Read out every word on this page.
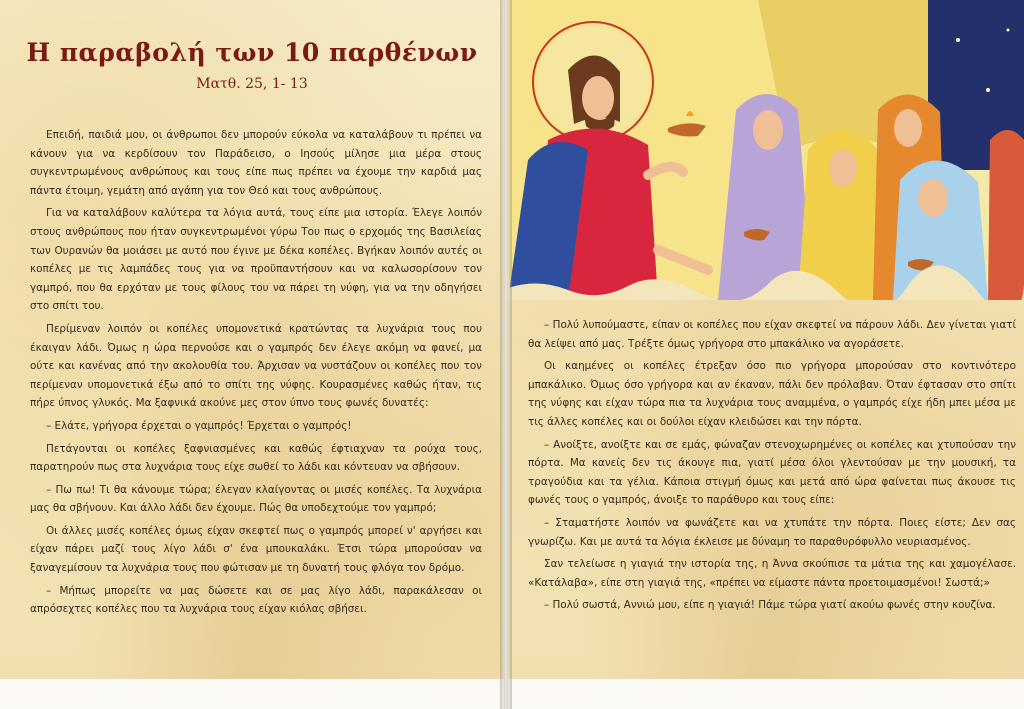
Η παραβολή των 10 παρθένων
Ματθ. 25, 1- 13

Επειδή, παιδιά μου, οι άνθρωποι δεν μπορούν εύκολα να καταλάβουν τι πρέπει να κάνουν για να κερδίσουν τον Παράδεισο, ο Ιησούς μίλησε μια μέρα στους συγκεντρωμένους ανθρώπους και τους είπε πως πρέπει να έχουμε την καρδιά μας πάντα έτοιμη, γεμάτη από αγάπη για τον Θεό και τους ανθρώπους.

Για να καταλάβουν καλύτερα τα λόγια αυτά, τους είπε μια ιστορία. Έλεγε λοιπόν στους ανθρώπους που ήταν συγκεντρωμένοι γύρω Του πως ο ερχομός της Βασιλείας των Ουρανών θα μοιάσει με αυτό που έγινε με δέκα κοπέλες. Βγήκαν λοιπόν αυτές οι κοπέλες με τις λαμπάδες τους για να προϋπαντήσουν και να καλωσορίσουν τον γαμπρό, που θα ερχόταν με τους φίλους του να πάρει τη νύφη, για να την οδηγήσει στο σπίτι του.

Περίμεναν λοιπόν οι κοπέλες υπομονετικά κρατώντας τα λυχνάρια τους που έκαιγαν λάδι. Όμως η ώρα περνούσε και ο γαμπρός δεν έλεγε ακόμη να φανεί, μα ούτε και κανένας από την ακολουθία του. Άρχισαν να νυστάζουν οι κοπέλες που τον περίμεναν υπομονετικά έξω από το σπίτι της νύφης. Κουρασμένες καθώς ήταν, τις πήρε ύπνος γλυκός. Μα ξαφνικά ακούνε μες στον ύπνο τους φωνές δυνατές:

– Ελάτε, γρήγορα έρχεται ο γαμπρός! Έρχεται ο γαμπρός!

Πετάγονται οι κοπέλες ξαφνιασμένες και καθώς έφτιαχναν τα ρούχα τους, παρατηρούν πως στα λυχνάρια τους είχε σωθεί το λάδι και κόντευαν να σβήσουν.

– Πω πω! Τι θα κάνουμε τώρα; έλεγαν κλαίγοντας οι μισές κοπέλες. Τα λυχνάρια μας θα σβήνουν. Και άλλο λάδι δεν έχουμε. Πώς θα υποδεχτούμε τον γαμπρό;

Οι άλλες μισές κοπέλες όμως είχαν σκεφτεί πως ο γαμπρός μπορεί ν' αργήσει και είχαν πάρει μαζί τους λίγο λάδι σ' ένα μπουκαλάκι. Έτσι τώρα μπορούσαν να ξαναγεμίσουν τα λυχνάρια τους που φώτισαν με τη δυνατή τους φλόγα τον δρόμο.

– Μήπως μπορείτε να μας δώσετε και σε μας λίγο λάδι, παρακάλεσαν οι απρόσεχτες κοπέλες που τα λυχνάρια τους είχαν κιόλας σβήσει.

– Πολύ λυπούμαστε, είπαν οι κοπέλες που είχαν σκεφτεί να πάρουν λάδι. Δεν γίνεται γιατί θα λείψει από μας. Τρέξτε όμως γρήγορα στο μπακάλικο να αγοράσετε.

Οι καημένες οι κοπέλες έτρεξαν όσο πιο γρήγορα μπορούσαν στο κοντινότερο μπακάλικο. Όμως όσο γρήγορα και αν έκαναν, πάλι δεν πρόλαβαν. Όταν έφτασαν στο σπίτι της νύφης και είχαν τώρα πια τα λυχνάρια τους αναμμένα, ο γαμπρός είχε ήδη μπει μέσα με τις άλλες κοπέλες και οι δούλοι είχαν κλειδώσει και την πόρτα.

– Ανοίξτε, ανοίξτε και σε εμάς, φώναζαν στενοχωρημένες οι κοπέλες και χτυπούσαν την πόρτα. Μα κανείς δεν τις άκουγε πια, γιατί μέσα όλοι γλεντούσαν με την μουσική, τα τραγούδια και τα γέλια. Κάποια στιγμή όμως και μετά από ώρα φαίνεται πως άκουσε τις φωνές τους ο γαμπρός, άνοιξε το παράθυρο και τους είπε:

– Σταματήστε λοιπόν να φωνάζετε και να χτυπάτε την πόρτα. Ποιες είστε; Δεν σας γνωρίζω. Και με αυτά τα λόγια έκλεισε με δύναμη το παραθυρόφυλλο νευριασμένος.

Σαν τελείωσε η γιαγιά την ιστορία της, η Άννα σκούπισε τα μάτια της και χαμογέλασε. «Κατάλαβα», είπε στη γιαγιά της, «πρέπει να είμαστε πάντα προετοιμασμένοι! Σωστά;»

– Πολύ σωστά, Αννιώ μου, είπε η γιαγιά! Πάμε τώρα γιατί ακούω φωνές στην κουζίνα.
